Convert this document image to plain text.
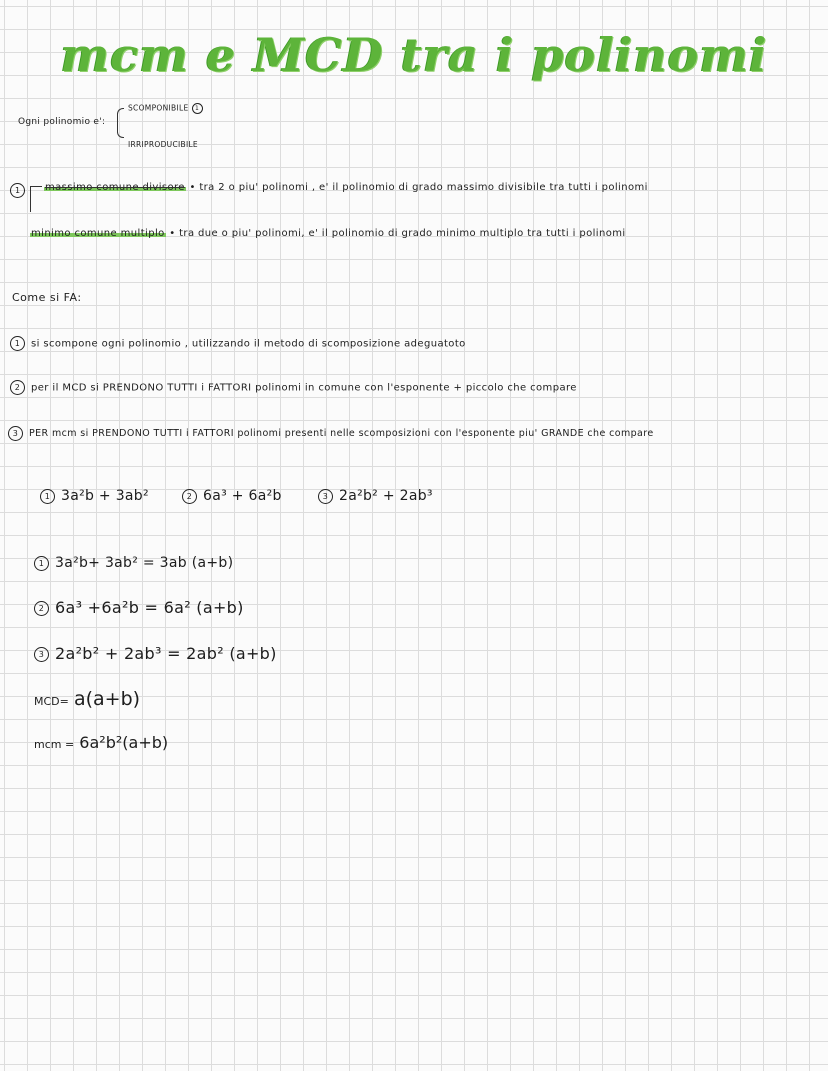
mcm e MCD tra i polinomi
Ogni polinomio e':
SCOMPONIBILE 1
IRRIPRODUCIBILE
1	massimo comune divisore • tra 2 o piu' polinomi , e' il polinomio di grado massimo divisibile tra tutti i polinomi
minimo comune multiplo • tra due o piu' polinomi, e' il polinomio di grado minimo multiplo tra tutti i polinomi
Come si FA:
1 si scompone ogni polinomio , utilizzando il metodo di scomposizione adeguatoto
2 per il MCD si PRENDONO TUTTI i FATTORI polinomi in comune con l'esponente + piccolo che compare
3 PER mcm si PRENDONO TUTTI i FATTORI polinomi presenti nelle scomposizioni con l'esponente piu' GRANDE che compare
1 3a²b + 3ab²	2 6a³ + 6a²b	3 2a²b² + 2ab³
1 3a²b+ 3ab² = 3ab (a+b)
2 6a³ +6a²b = 6a² (a+b)
3 2a²b² + 2ab³ = 2ab² (a+b)
MCD= a(a+b)
mcm = 6a²b²(a+b)
